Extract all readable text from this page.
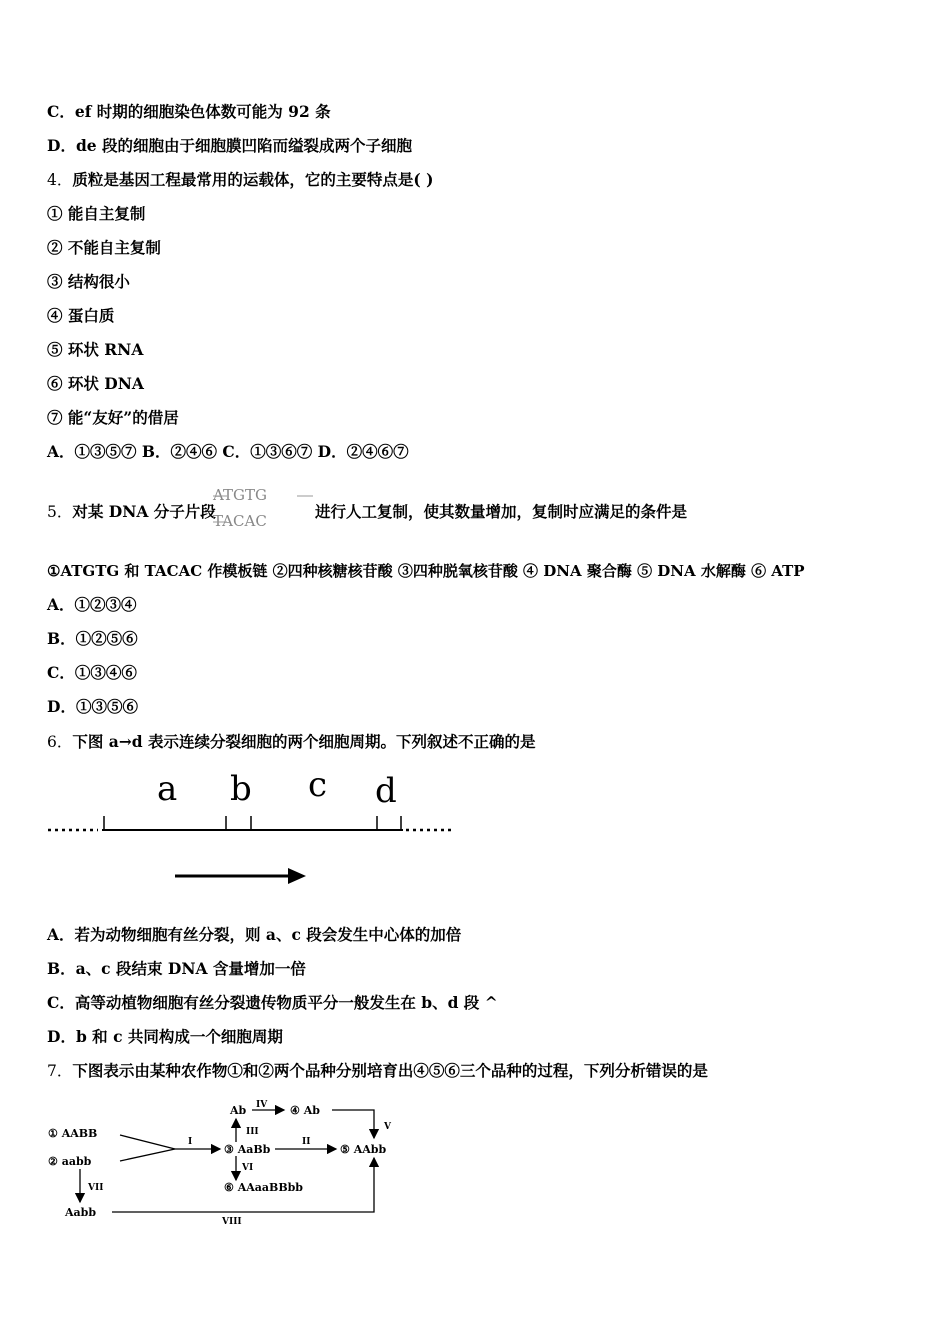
C．ef 时期的细胞染色体数可能为 92 条
D．de 段的细胞由于细胞膜凹陷而缢裂成两个子细胞
4．质粒是基因工程最常用的运载体，它的主要特点是( )
① 能自主复制
② 不能自主复制
③ 结构很小
④ 蛋白质
⑤ 环状 RNA
⑥ 环状 DNA
⑦ 能“友好”的借居
A．①③⑤⑦ B．②④⑥ C．①③⑥⑦ D．②④⑥⑦
5．对某 DNA 分子片段
ATGTG
TACAC	进行人工复制，使其数量增加，复制时应满足的条件是
①ATGTG 和 TACAC 作模板链 ②四种核糖核苷酸 ③四种脱氧核苷酸 ④ DNA 聚合酶 ⑤ DNA 水解酶 ⑥ ATP
A．①②③④
B．①②⑤⑥
C．①③④⑥
D．①③⑤⑥
6．下图 a→d 表示连续分裂细胞的两个细胞周期。下列叙述不正确的是
a b c d
A．若为动物细胞有丝分裂，则 a、c 段会发生中心体的加倍
B．a、c 段结束 DNA 含量增加一倍
C．高等动植物细胞有丝分裂遗传物质平分一般发生在 b、d 段 ^
D．b 和 c 共同构成一个细胞周期
7．下图表示由某种农作物①和②两个品种分别培育出④⑤⑥三个品种的过程，下列分析错误的是
① AABB
② aabb
③ AaBb
Ab	④ Ab
⑤ AAbb
⑥ AAaaBBbb
Aabb
I	II
III
IV
V
VI
VII
VIII
